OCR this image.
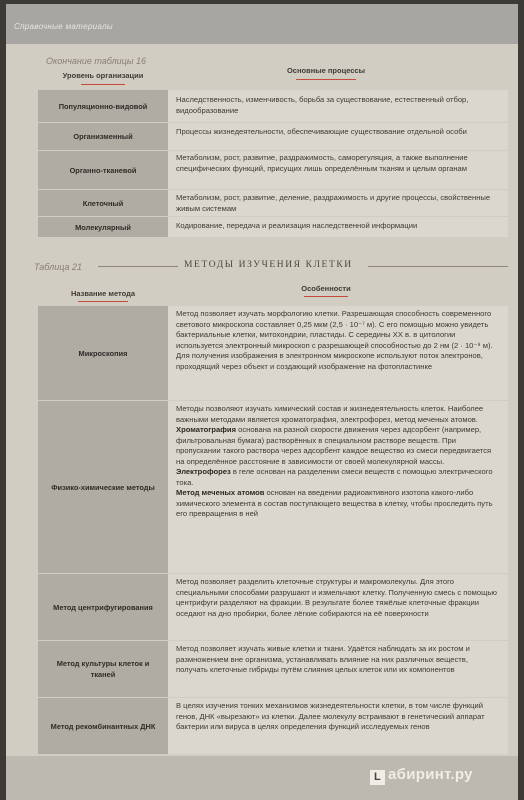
Справочные материалы
Окончание таблицы 16
Уровень организации
Основные процессы
Популяционно-видовой
Наследственность, изменчивость, борьба за существование, естественный отбор, видообразование
Организменный
Процессы жизнедеятельности, обеспечивающие существование отдельной особи
Органно-тканевой
Метаболизм, рост, развитие, раздражимость, саморегуляция, а также выполнение специфических функций, присущих лишь определённым тканям и целым органам
Клеточный
Метаболизм, рост, развитие, деление, раздражимость и другие процессы, свойственные живым системам
Молекулярный	Кодирование, передача и реализация наследственной информации
Таблица 21	МЕТОДЫ ИЗУЧЕНИЯ КЛЕТКИ
Название метода
Особенности
Микроскопия
Метод позволяет изучать морфологию клетки. Разрешающая способность современного светового микроскопа составляет 0,25 мкм (2,5 · 10⁻⁷ м). С его помощью можно увидеть бактериальные клетки, митохондрии, пластиды. С середины XX в. в цитологии используется электронный микроскоп с разрешающей способностью до 2 нм (2 · 10⁻⁹ м). Для получения изображения в электронном микроскопе используют поток электронов, проходящий через объект и создающий изображение на фотопластинке
Физико-химические методы

Методы позволяют изучать химический состав и жизнедеятельность клеток. Наиболее важными методами является хроматография, электрофорез, метод меченых атомов.

Хроматография основана на разной скорости движения через адсорбент (например, фильтровальная бумага) растворённых в специальном растворе веществ. При пропускании такого раствора через адсорбент каждое вещество из смеси передвигается на определённое расстояние в зависимости от своей молекулярной массы.

Электрофорез в геле основан на разделении смеси веществ с помощью электрического тока.

Метод меченых атомов основан на введении радиоактивного изотопа какого-либо химического элемента в состав поступающего вещества в клетку, чтобы проследить путь его превращения в ней

Метод центрифугирования
Метод позволяет разделить клеточные структуры и макромолекулы. Для этого специальными способами разрушают и измельчают клетку. Полученную смесь с помощью центрифуги разделяют на фракции. В результате более тяжёлые клеточные фракции оседают на дно пробирки, более лёгкие собираются на её поверхности
Метод культуры клеток и тканей
Метод позволяет изучать живые клетки и ткани. Удаётся наблюдать за их ростом и размножением вне организма, устанавливать влияние на них различных веществ, получать клеточные гибриды путём слияния целых клеток или их компонентов
Метод рекомбинантных ДНК
В целях изучения тонких механизмов жизнедеятельности клетки, в том числе функций генов, ДНК «вырезают» из клетки. Далее молекулу встраивают в генетический аппарат бактерии или вируса в целях определения функций исследуемых генов
L абиринт.ру
